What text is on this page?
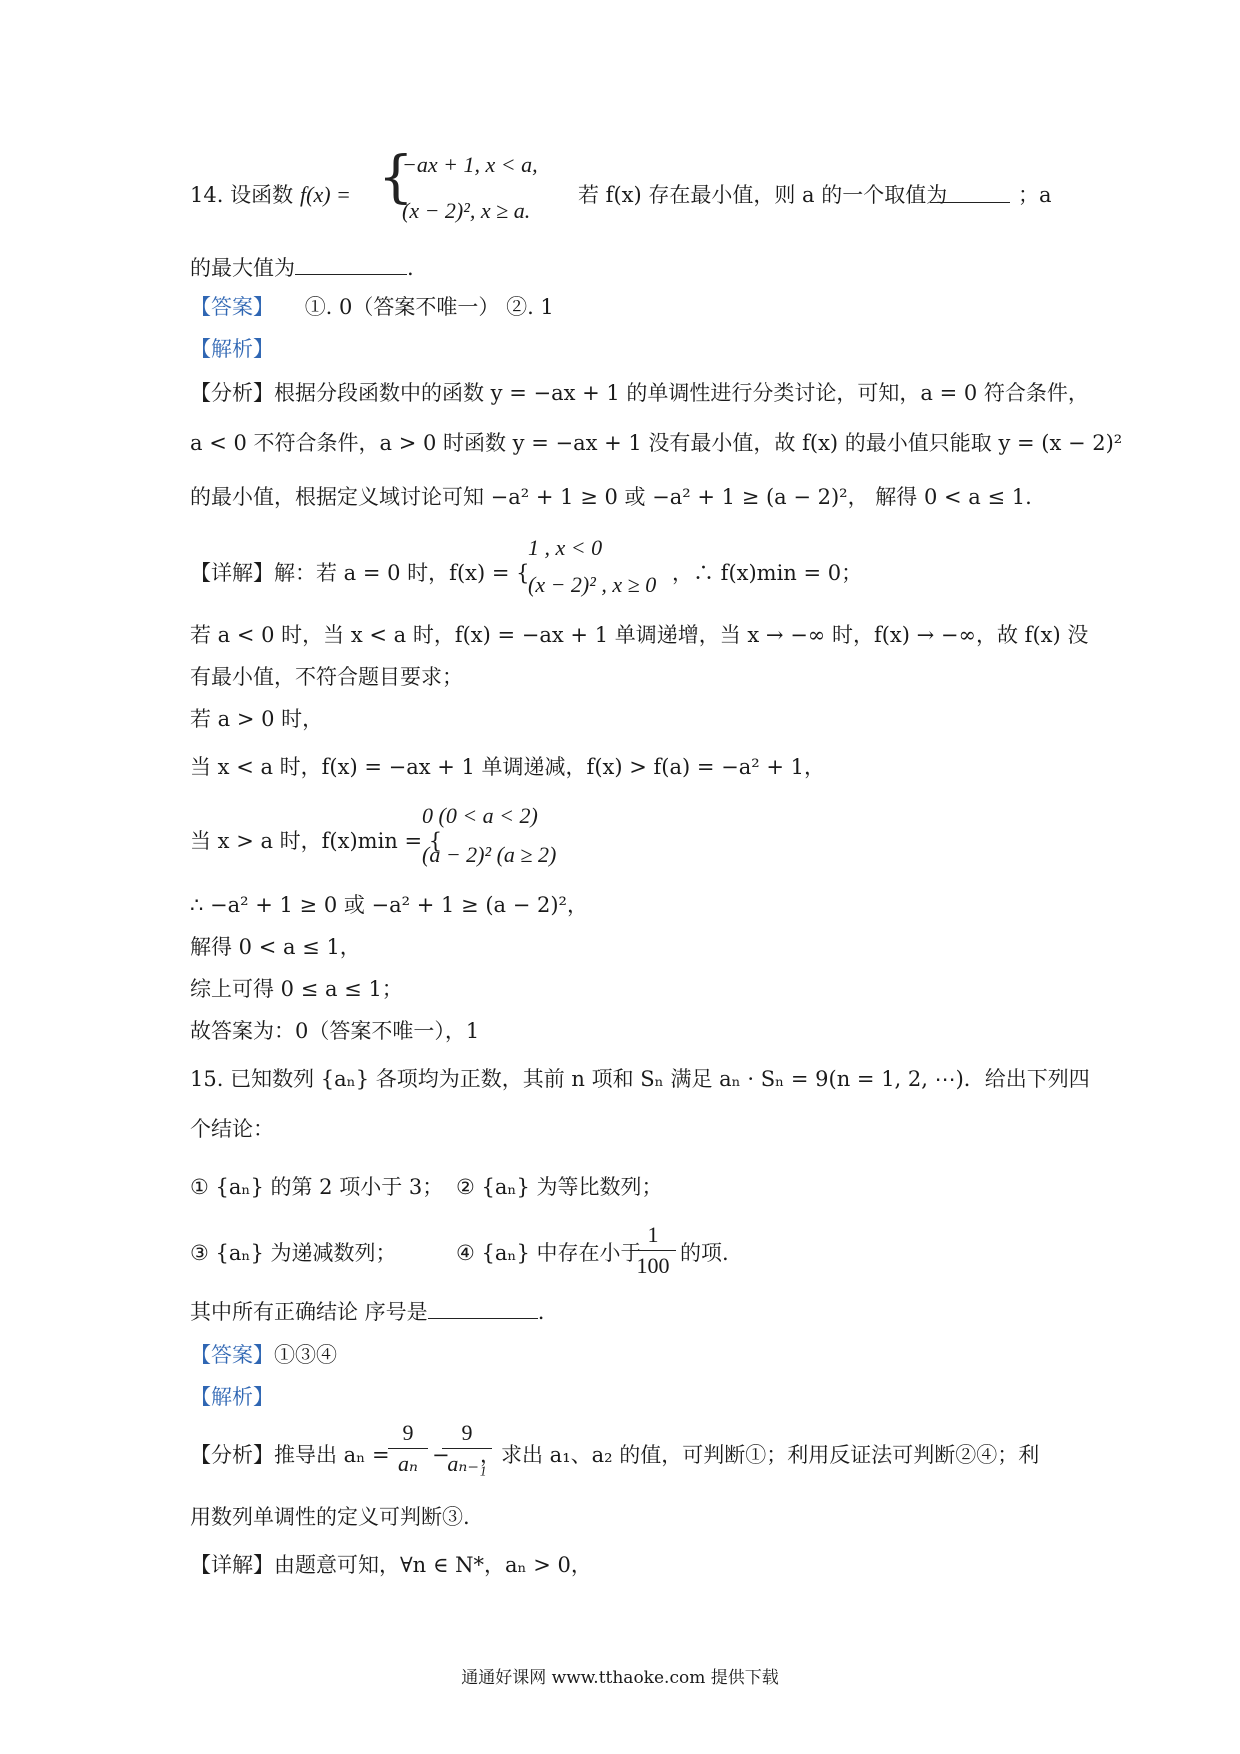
14. 设函数 f(x) = {
−ax + 1, x < a,
(x − 2)², x ≥ a.
若 f(x) 存在最小值，则 a 的一个取值为	；a
的最大值为	.
【答案】 ①. 0（答案不唯一） ②. 1
【解析】
【分析】根据分段函数中的函数 y = −ax + 1 的单调性进行分类讨论，可知，a = 0 符合条件，
a < 0 不符合条件，a > 0 时函数 y = −ax + 1 没有最小值，故 f(x) 的最小值只能取 y = (x − 2)²
的最小值，根据定义域讨论可知 −a² + 1 ≥ 0 或 −a² + 1 ≥ (a − 2)²， 解得 0 < a ≤ 1.
【详解】解：若 a = 0 时，f(x) = {
1 , x < 0
(x − 2)² , x ≥ 0 ，∴ f(x)min = 0；
若 a < 0 时，当 x < a 时，f(x) = −ax + 1 单调递增，当 x → −∞ 时，f(x) → −∞，故 f(x) 没
有最小值，不符合题目要求；
若 a > 0 时，
当 x < a 时，f(x) = −ax + 1 单调递减，f(x) > f(a) = −a² + 1，
当 x > a 时，f(x)min = {
0 (0 < a < 2)
(a − 2)² (a ≥ 2)
∴ −a² + 1 ≥ 0 或 −a² + 1 ≥ (a − 2)²，
解得 0 < a ≤ 1，
综上可得 0 ≤ a ≤ 1；
故答案为：0（答案不唯一），1
15. 已知数列 {aₙ} 各项均为正数，其前 n 项和 Sₙ 满足 aₙ · Sₙ = 9(n = 1, 2, ⋯)．给出下列四
个结论：
① {aₙ} 的第 2 项小于 3； ② {aₙ} 为等比数列；
③ {aₙ} 为递减数列；	④ {aₙ} 中存在小于
1
100 的项.
其中所有正确结论 序号是	.
【答案】①③④
【解析】
【分析】推导出 aₙ =
9
aₙ −
9
aₙ₋₁
，求出 a₁、a₂ 的值，可判断①；利用反证法可判断②④；利
用数列单调性的定义可判断③.
【详解】由题意可知，∀n ∈ N*，aₙ > 0，
通通好课网 www.tthaoke.com 提供下载
